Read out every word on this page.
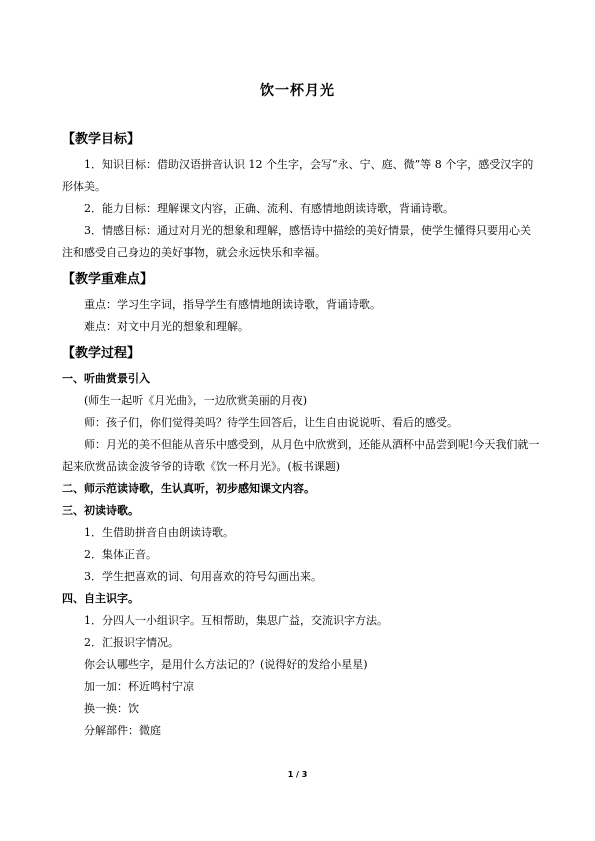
饮一杯月光
【教学目标】

1．知识目标：借助汉语拼音认识 12 个生字，会写“永、宁、庭、微”等 8 个字，感受汉字的形体美。

2．能力目标：理解课文内容，正确、流利、有感情地朗读诗歌，背诵诗歌。

3．情感目标：通过对月光的想象和理解，感悟诗中描绘的美好情景，使学生懂得只要用心关注和感受自己身边的美好事物，就会永远快乐和幸福。

【教学重难点】

重点：学习生字词，指导学生有感情地朗读诗歌，背诵诗歌。

难点：对文中月光的想象和理解。

【教学过程】

一、听曲赏景引入

(师生一起听《月光曲》，一边欣赏美丽的月夜)

师：孩子们，你们觉得美吗？待学生回答后，让生自由说说听、看后的感受。

师：月光的美不但能从音乐中感受到，从月色中欣赏到，还能从酒杯中品尝到呢!今天我们就一起来欣赏品读金波爷爷的诗歌《饮一杯月光》。(板书课题)

二、师示范读诗歌，生认真听，初步感知课文内容。

三、初读诗歌。

1．生借助拼音自由朗读诗歌。

2．集体正音。

3．学生把喜欢的词、句用喜欢的符号勾画出来。

四、自主识字。

1．分四人一小组识字。互相帮助，集思广益，交流识字方法。

2．汇报识字情况。

你会认哪些字，是用什么方法记的？(说得好的发给小星星)

加一加：杯近鸣村宁凉

换一换：饮

分解部件：微庭

1 / 3
